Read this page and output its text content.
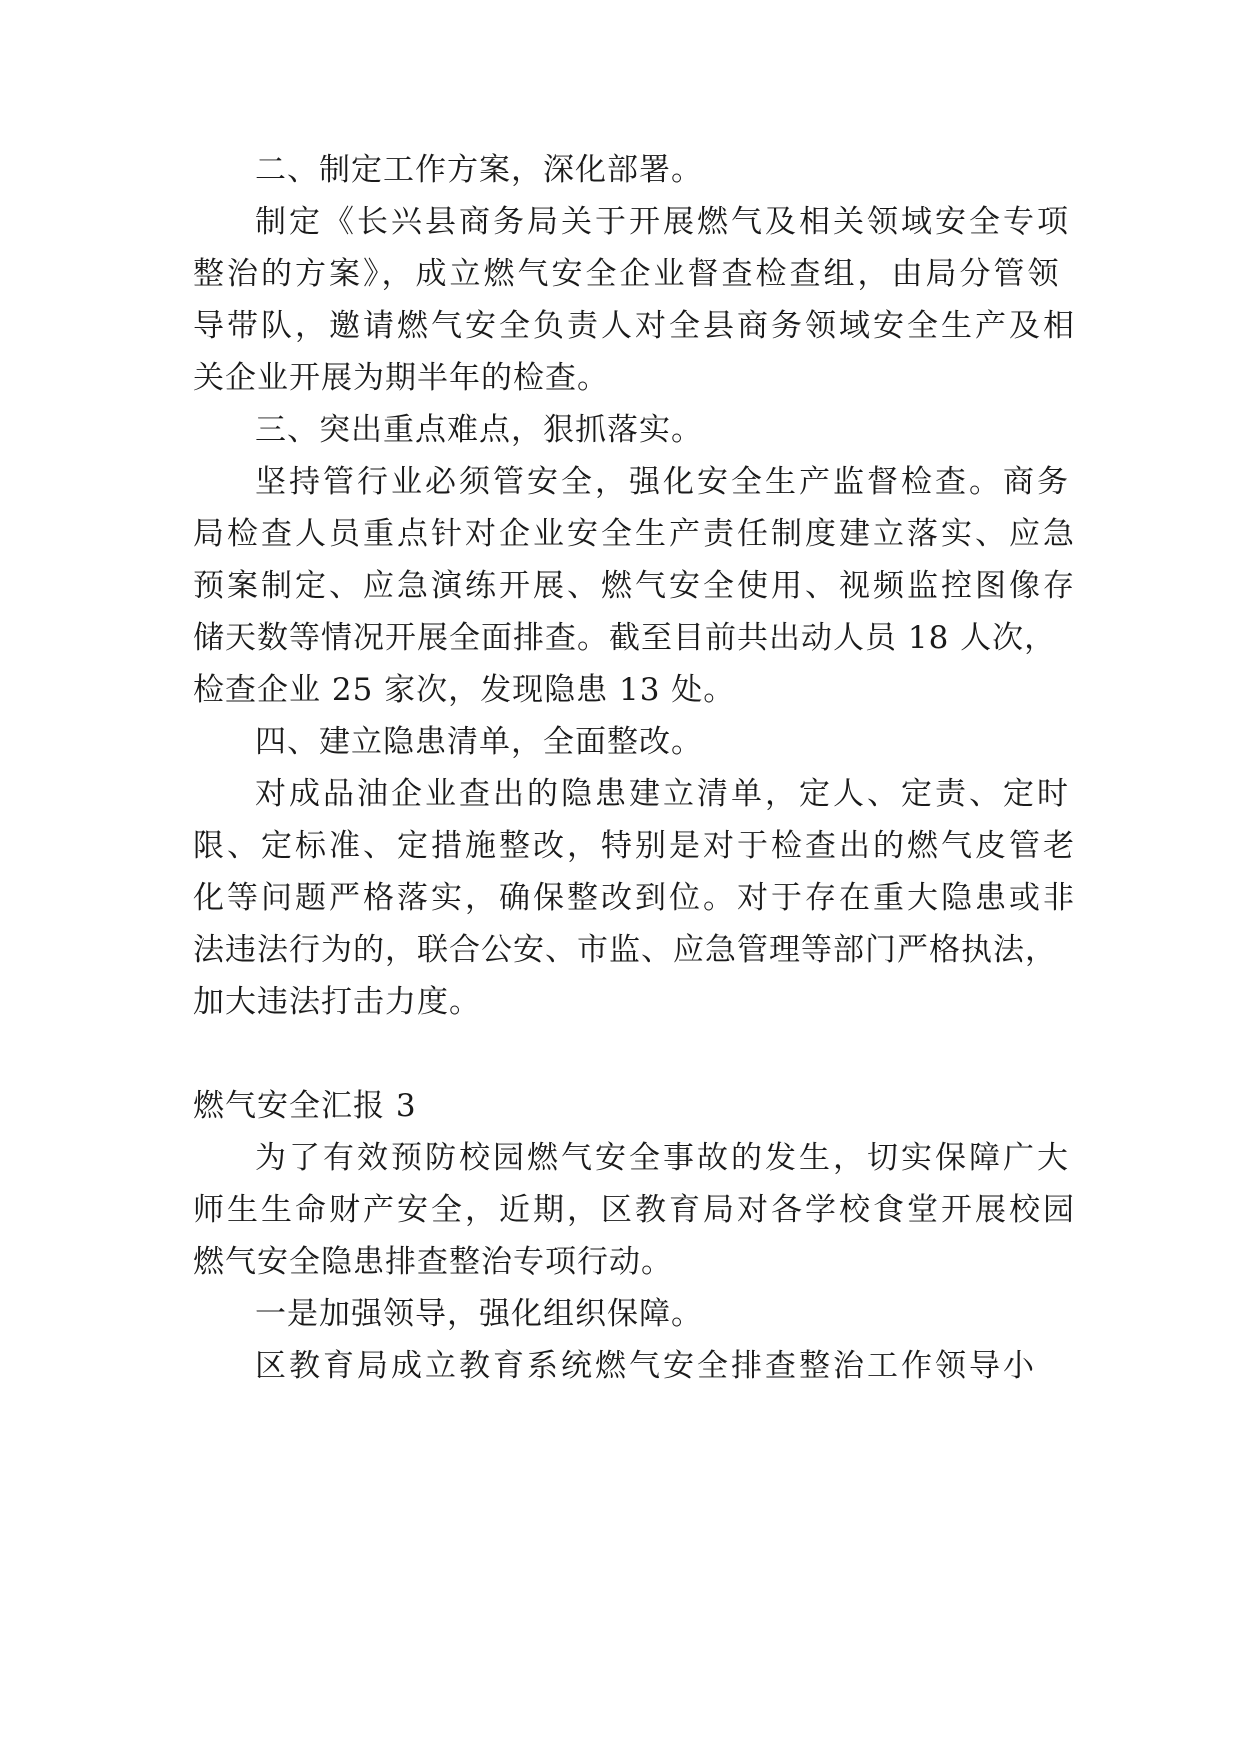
二、制定工作方案，深化部署。
制定《长兴县商务局关于开展燃气及相关领域安全专项
整治的方案》，成立燃气安全企业督查检查组，由局分管领
导带队，邀请燃气安全负责人对全县商务领域安全生产及相
关企业开展为期半年的检查。
三、突出重点难点，狠抓落实。
坚持管行业必须管安全，强化安全生产监督检查。商务
局检查人员重点针对企业安全生产责任制度建立落实、应急
预案制定、应急演练开展、燃气安全使用、视频监控图像存
储天数等情况开展全面排查。截至目前共出动人员 18 人次，
检查企业 25 家次，发现隐患 13 处。
四、建立隐患清单，全面整改。
对成品油企业查出的隐患建立清单，定人、定责、定时
限、定标准、定措施整改，特别是对于检查出的燃气皮管老
化等问题严格落实，确保整改到位。对于存在重大隐患或非
法违法行为的，联合公安、市监、应急管理等部门严格执法，
加大违法打击力度。
燃气安全汇报 3
为了有效预防校园燃气安全事故的发生，切实保障广大
师生生命财产安全，近期，区教育局对各学校食堂开展校园
燃气安全隐患排查整治专项行动。
一是加强领导，强化组织保障。
区教育局成立教育系统燃气安全排查整治工作领导小
